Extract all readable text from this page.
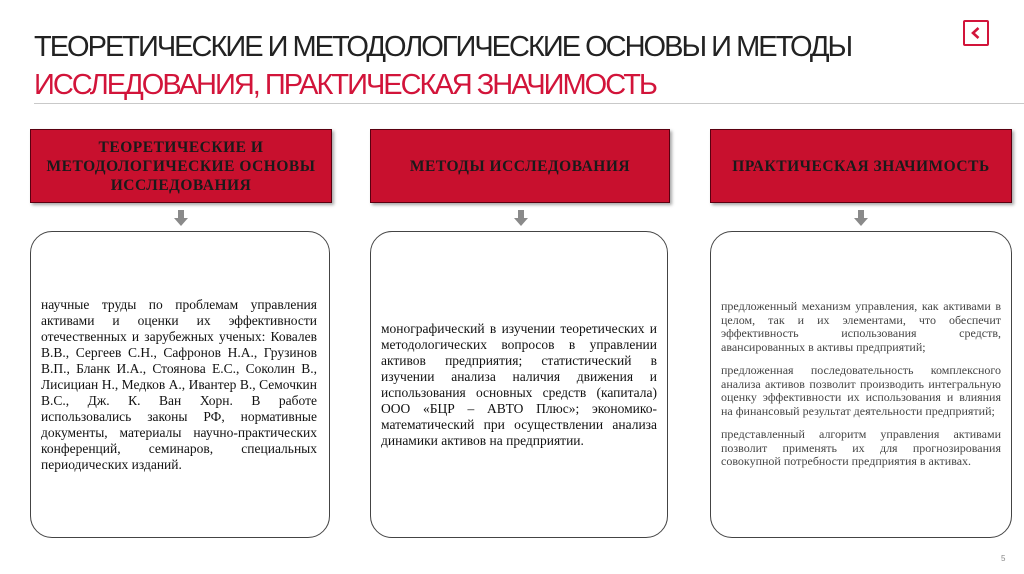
ТЕОРЕТИЧЕСКИЕ И МЕТОДОЛОГИЧЕСКИЕ ОСНОВЫ И МЕТОДЫ
ИССЛЕДОВАНИЯ, ПРАКТИЧЕСКАЯ ЗНАЧИМОСТЬ
ТЕОРЕТИЧЕСКИЕ И МЕТОДОЛОГИЧЕСКИЕ ОСНОВЫ ИССЛЕДОВАНИЯ

научные труды по проблемам управления активами и оценки их эффективности отечественных и зарубежных ученых: Ковалев В.В., Сергеев С.Н., Сафронов Н.А., Грузинов В.П., Бланк И.А., Стоянова Е.С., Соколин В., Лисициан Н., Медков А., Ивантер В., Семочкин В.С., Дж. К. Ван Хорн. В работе использовались законы РФ, нормативные документы, материалы научно-практических конференций, семинаров, специальных периодических изданий.

МЕТОДЫ ИССЛЕДОВАНИЯ

монографический в изучении теоретических и методологических вопросов в управлении активов предприятия; статистический в изучении анализа наличия движения и использования основных средств (капитала) ООО «БЦР – АВТО Плюс»; экономико-математический при осуществлении анализа динамики активов на предприятии.

ПРАКТИЧЕСКАЯ ЗНАЧИМОСТЬ

предложенный механизм управления, как активами в целом, так и их элементами, что обеспечит эффективность использования средств, авансированных в активы предприятий;

предложенная последовательность комплексного анализа активов позволит производить интегральную оценку эффективности их использования и влияния на финансовый результат деятельности предприятий;

представленный алгоритм управления активами позволит применять их для прогнозирования совокупной потребности предприятия в активах.

5
